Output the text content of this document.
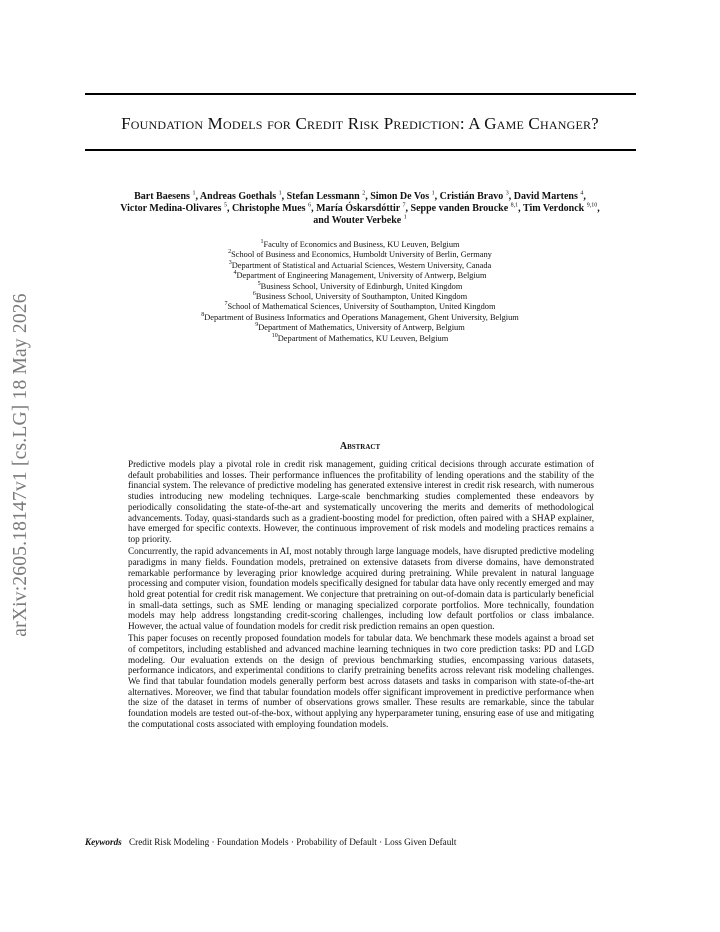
arXiv:2605.18147v1 [cs.LG] 18 May 2026
Foundation Models for Credit Risk Prediction: A Game Changer?
Bart Baesens $^1$, Andreas Goethals $^1$, Stefan Lessmann $^2$, Simon De Vos $^1$, Cristián Bravo $^3$, David Martens $^4$,
Victor Medina-Olivares $^5$, Christophe Mues $^6$, María Óskarsdóttir $^7$, Seppe vanden Broucke $^{8,1}$, Tim Verdonck $^{9,10}$,
and Wouter Verbeke $^1$
$^1$Faculty of Economics and Business, KU Leuven, Belgium
$^2$School of Business and Economics, Humboldt University of Berlin, Germany
$^3$Department of Statistical and Actuarial Sciences, Western University, Canada
$^4$Department of Engineering Management, University of Antwerp, Belgium
$^5$Business School, University of Edinburgh, United Kingdom
$^6$Business School, University of Southampton, United Kingdom
$^7$School of Mathematical Sciences, University of Southampton, United Kingdom
$^8$Department of Business Informatics and Operations Management, Ghent University, Belgium
$^9$Department of Mathematics, University of Antwerp, Belgium
$^{10}$Department of Mathematics, KU Leuven, Belgium
Abstract

Predictive models play a pivotal role in credit risk management, guiding critical decisions through accurate estimation of default probabilities and losses. Their performance influences the profitability of lending operations and the stability of the financial system. The relevance of predictive modeling has generated extensive interest in credit risk research, with numerous studies introducing new modeling techniques. Large-scale benchmarking studies complemented these endeavors by periodically consolidating the state-of-the-art and systematically uncovering the merits and demerits of methodological advancements. Today, quasi-standards such as a gradient-boosting model for prediction, often paired with a SHAP explainer, have emerged for specific contexts. However, the continuous improvement of risk models and modeling practices remains a top priority.

Concurrently, the rapid advancements in AI, most notably through large language models, have disrupted predictive modeling paradigms in many fields. Foundation models, pretrained on extensive datasets from diverse domains, have demonstrated remarkable performance by leveraging prior knowledge acquired during pretraining. While prevalent in natural language processing and computer vision, foundation models specifically designed for tabular data have only recently emerged and may hold great potential for credit risk management. We conjecture that pretraining on out-of-domain data is particularly beneficial in small-data settings, such as SME lending or managing specialized corporate portfolios. More technically, foundation models may help address longstanding credit-scoring challenges, including low default portfolios or class imbalance. However, the actual value of foundation models for credit risk prediction remains an open question.

This paper focuses on recently proposed foundation models for tabular data. We benchmark these models against a broad set of competitors, including established and advanced machine learning techniques in two core prediction tasks: PD and LGD modeling. Our evaluation extends on the design of previous benchmarking studies, encompassing various datasets, performance indicators, and experimental conditions to clarify pretraining benefits across relevant risk modeling challenges. We find that tabular foundation models generally perform best across datasets and tasks in comparison with state-of-the-art alternatives. Moreover, we find that tabular foundation models offer significant improvement in predictive performance when the size of the dataset in terms of number of observations grows smaller. These results are remarkable, since the tabular foundation models are tested out-of-the-box, without applying any hyperparameter tuning, ensuring ease of use and mitigating the computational costs associated with employing foundation models.

Keywords Credit Risk Modeling · Foundation Models · Probability of Default · Loss Given Default
